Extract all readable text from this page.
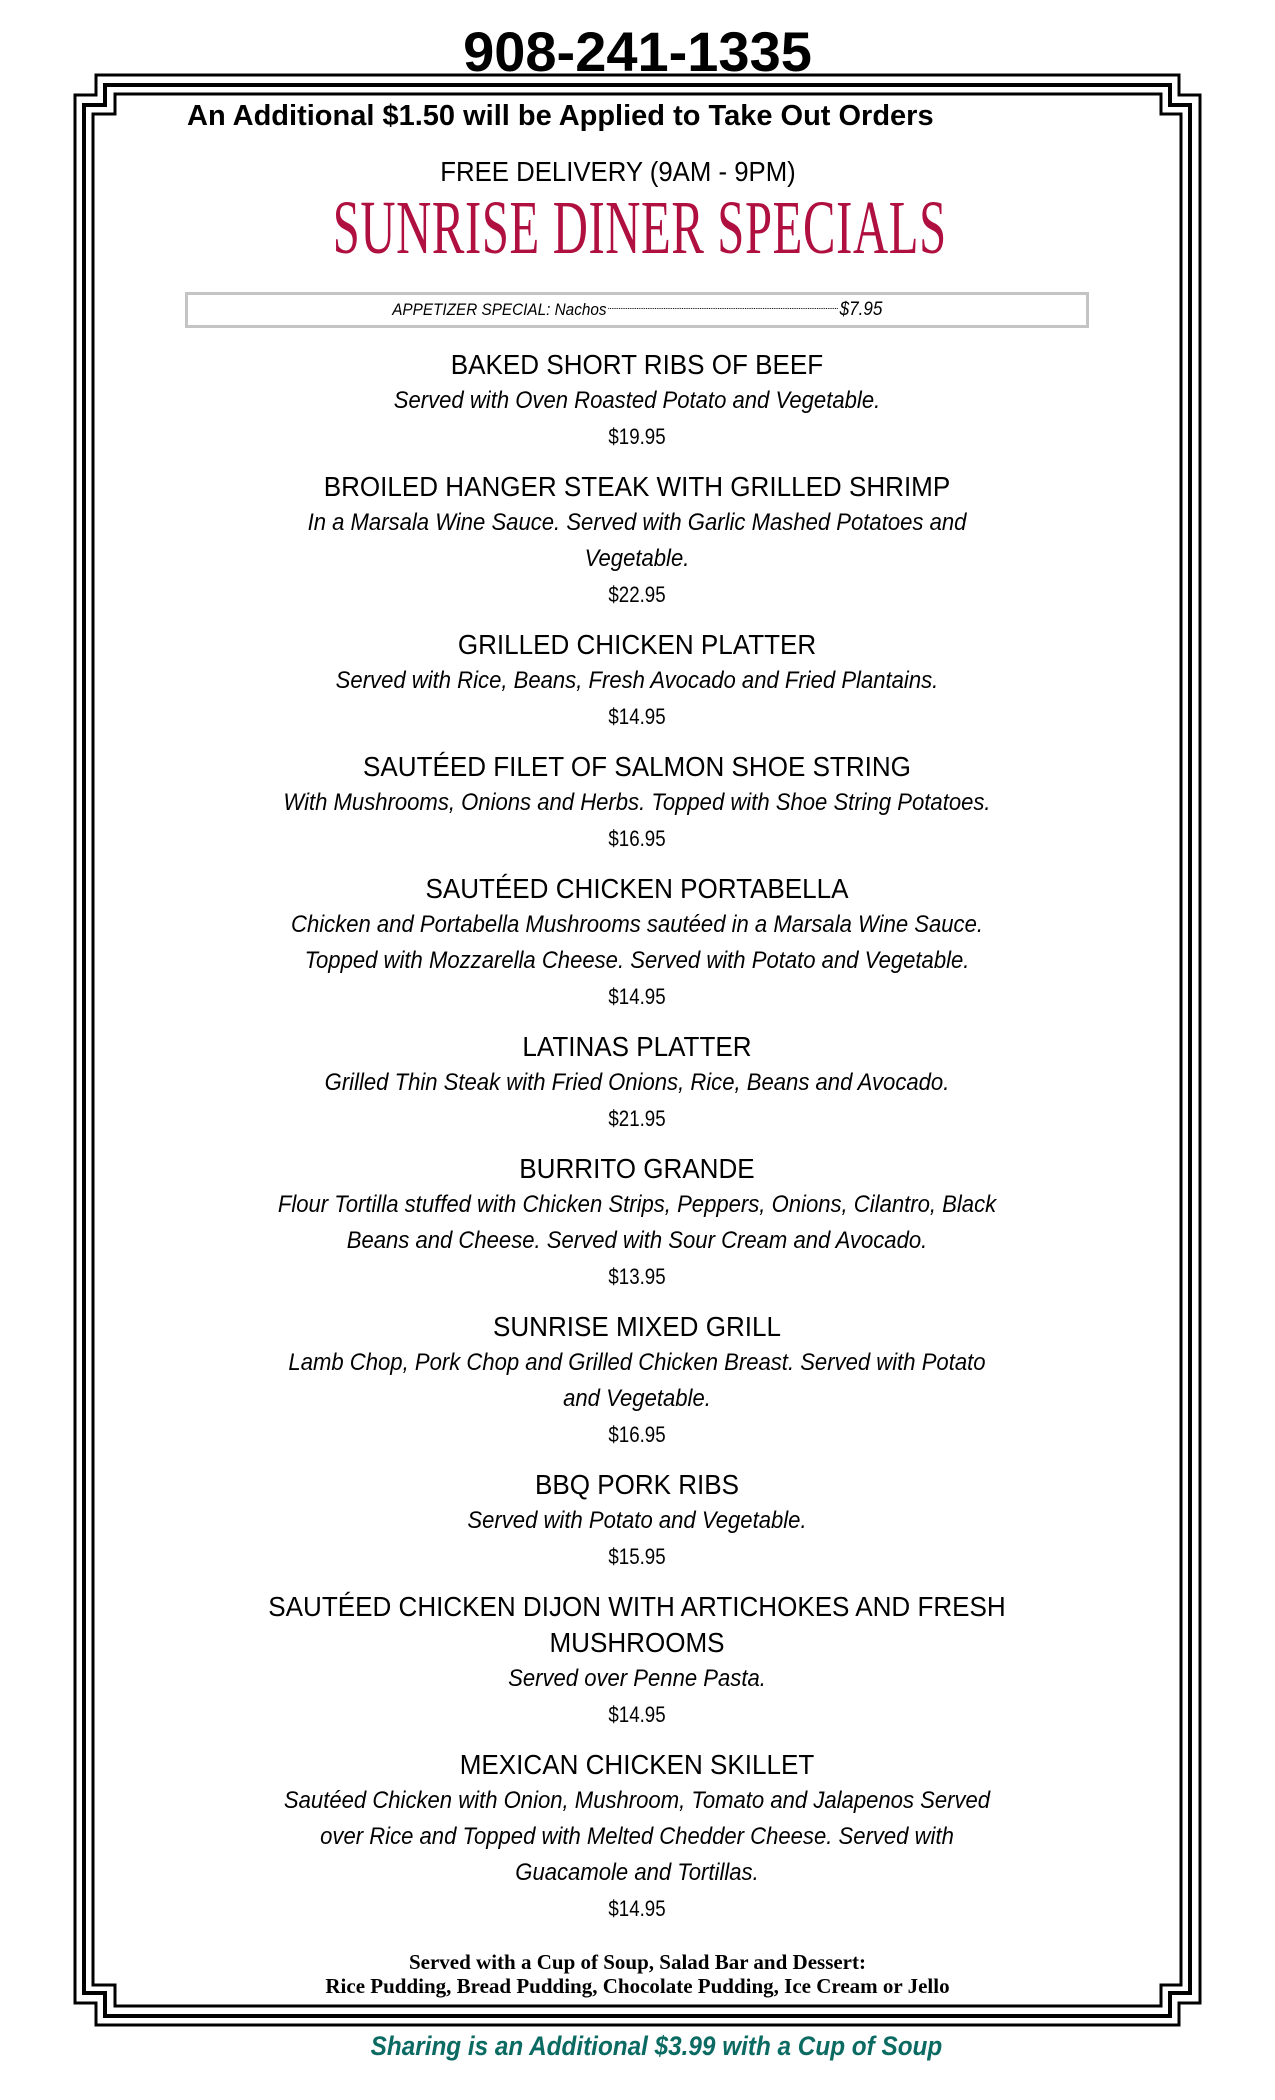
908-241-1335
An Additional $1.50 will be Applied to Take Out Orders
FREE DELIVERY (9AM - 9PM)
SUNRISE DINER SPECIALS
APPETIZER SPECIAL: Nachos	$7.95
BAKED SHORT RIBS OF BEEF
Served with Oven Roasted Potato and Vegetable.
$19.95
BROILED HANGER STEAK WITH GRILLED SHRIMP
In a Marsala Wine Sauce. Served with Garlic Mashed Potatoes and
Vegetable.
$22.95
GRILLED CHICKEN PLATTER
Served with Rice, Beans, Fresh Avocado and Fried Plantains.
$14.95
SAUTÉED FILET OF SALMON SHOE STRING
With Mushrooms, Onions and Herbs. Topped with Shoe String Potatoes.
$16.95
SAUTÉED CHICKEN PORTABELLA
Chicken and Portabella Mushrooms sautéed in a Marsala Wine Sauce.
Topped with Mozzarella Cheese. Served with Potato and Vegetable.
$14.95
LATINAS PLATTER
Grilled Thin Steak with Fried Onions, Rice, Beans and Avocado.
$21.95
BURRITO GRANDE
Flour Tortilla stuffed with Chicken Strips, Peppers, Onions, Cilantro, Black
Beans and Cheese. Served with Sour Cream and Avocado.
$13.95
SUNRISE MIXED GRILL
Lamb Chop, Pork Chop and Grilled Chicken Breast. Served with Potato
and Vegetable.
$16.95
BBQ PORK RIBS
Served with Potato and Vegetable.
$15.95
SAUTÉED CHICKEN DIJON WITH ARTICHOKES AND FRESH
MUSHROOMS
Served over Penne Pasta.
$14.95
MEXICAN CHICKEN SKILLET
Sautéed Chicken with Onion, Mushroom, Tomato and Jalapenos Served
over Rice and Topped with Melted Chedder Cheese. Served with
Guacamole and Tortillas.
$14.95
Served with a Cup of Soup, Salad Bar and Dessert:
Rice Pudding, Bread Pudding, Chocolate Pudding, Ice Cream or Jello
Sharing is an Additional $3.99 with a Cup of Soup
